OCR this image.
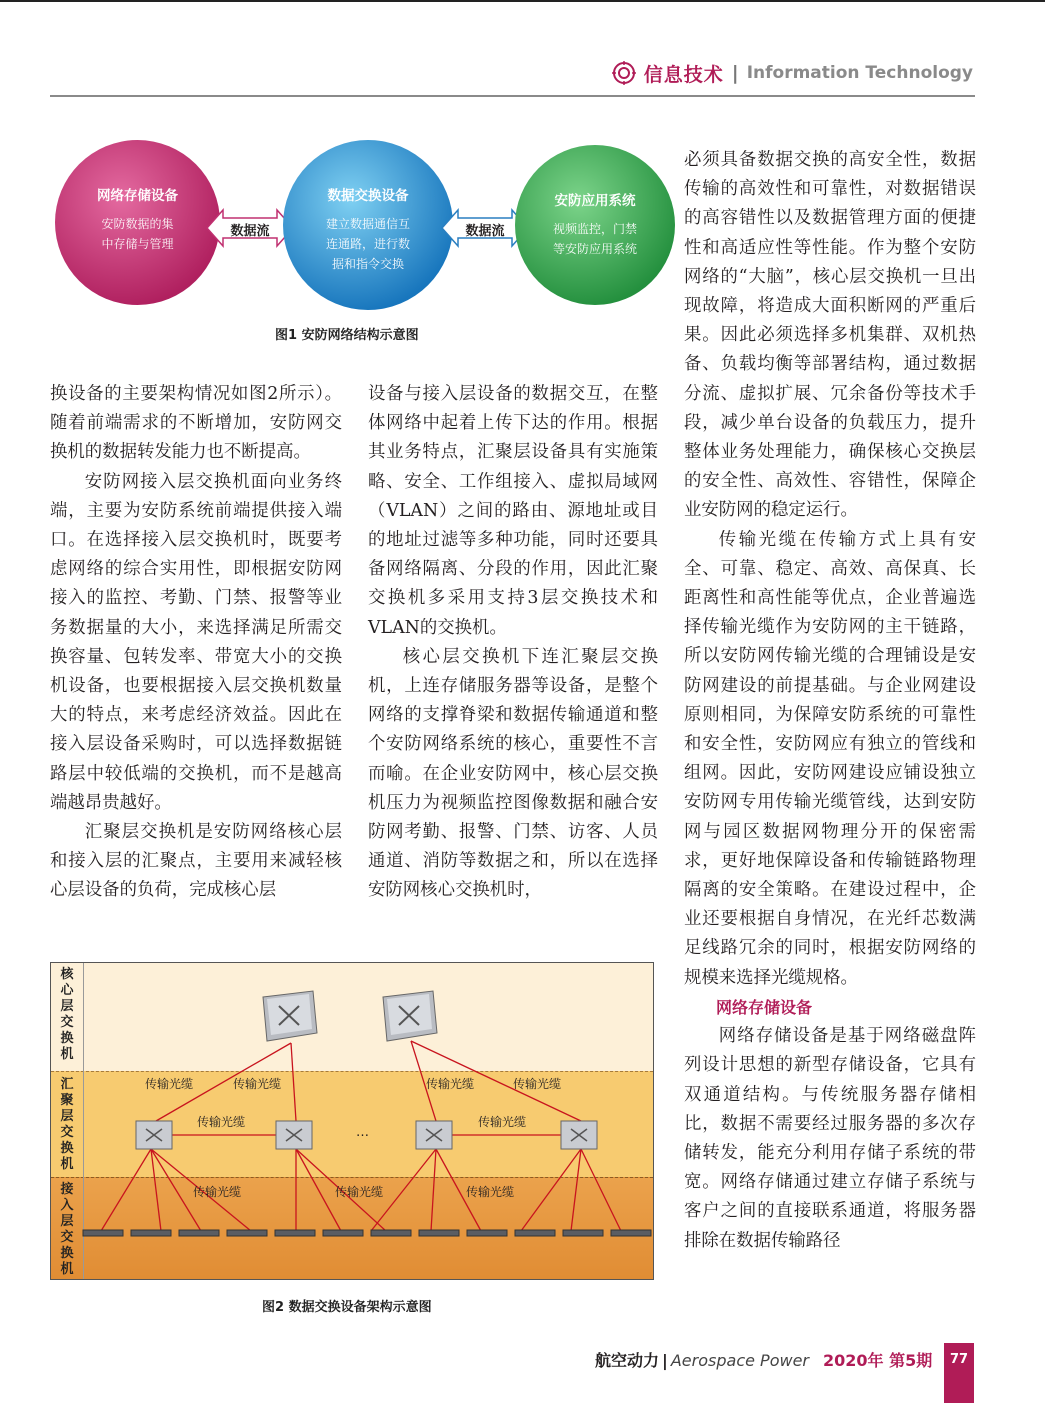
信息技术 | Information Technology
网络存储设备
安防数据的集
中存储与管理
数据流
数据交换设备
建立数据通信互
连通路，进行数
据和指令交换
数据流
安防应用系统
视频监控，门禁
等安防应用系统
图1 安防网络结构示意图

换设备的主要架构情况如图2所示）。随着前端需求的不断增加，安防网交换机的数据转发能力也不断提高。

安防网接入层交换机面向业务终端，主要为安防系统前端提供接入端口。在选择接入层交换机时，既要考虑网络的综合实用性，即根据安防网接入的监控、考勤、门禁、报警等业务数据量的大小，来选择满足所需交换容量、包转发率、带宽大小的交换机设备，也要根据接入层交换机数量大的特点，来考虑经济效益。因此在接入层设备采购时，可以选择数据链路层中较低端的交换机，而不是越高端越昂贵越好。

汇聚层交换机是安防网络核心层和接入层的汇聚点，主要用来减轻核心层设备的负荷，完成核心层

设备与接入层设备的数据交互，在整体网络中起着上传下达的作用。根据其业务特点，汇聚层设备具有实施策略、安全、工作组接入、虚拟局域网（VLAN）之间的路由、源地址或目的地址过滤等多种功能，同时还要具备网络隔离、分段的作用，因此汇聚交换机多采用支持3层交换技术和VLAN的交换机。

核心层交换机下连汇聚层交换机，上连存储服务器等设备，是整个网络的支撑脊梁和数据传输通道和整个安防网络系统的核心，重要性不言而喻。在企业安防网中，核心层交换机压力为视频监控图像数据和融合安防网考勤、报警、门禁、访客、人员通道、消防等数据之和，所以在选择安防网核心交换机时，

必须具备数据交换的高安全性，数据传输的高效性和可靠性，对数据错误的高容错性以及数据管理方面的便捷性和高适应性等性能。作为整个安防网络的“大脑”，核心层交换机一旦出现故障，将造成大面积断网的严重后果。因此必须选择多机集群、双机热备、负载均衡等部署结构，通过数据分流、虚拟扩展、冗余备份等技术手段，减少单台设备的负载压力，提升整体业务处理能力，确保核心交换层的安全性、高效性、容错性，保障企业安防网的稳定运行。

传输光缆在传输方式上具有安全、可靠、稳定、高效、高保真、长距离性和高性能等优点，企业普遍选择传输光缆作为安防网的主干链路，所以安防网传输光缆的合理铺设是安防网建设的前提基础。与企业网建设原则相同，为保障安防系统的可靠性和安全性，安防网应有独立的管线和组网。因此，安防网建设应铺设独立安防网专用传输光缆管线，达到安防网与园区数据网物理分开的保密需求，更好地保障设备和传输链路物理隔离的安全策略。在建设过程中，企业还要根据自身情况，在光纤芯数满足线路冗余的同时，根据安防网络的规模来选择光缆规格。

网络存储设备

网络存储设备是基于网络磁盘阵列设计思想的新型存储设备，它具有双通道结构。与传统服务器存储相比，数据不需要经过服务器的多次存储转发，能充分利用存储子系统的带宽。网络存储通过建立存储子系统与客户之间的直接联系通道，将服务器排除在数据传输路径

核心层交换机
汇聚层交换机
接入层交换机
传输光缆	传输光缆	传输光缆	传输光缆
传输光缆	传输光缆
…
传输光缆	传输光缆	传输光缆
图2 数据交换设备架构示意图
航空动力 | Aerospace Power 2020年 第5期	77
